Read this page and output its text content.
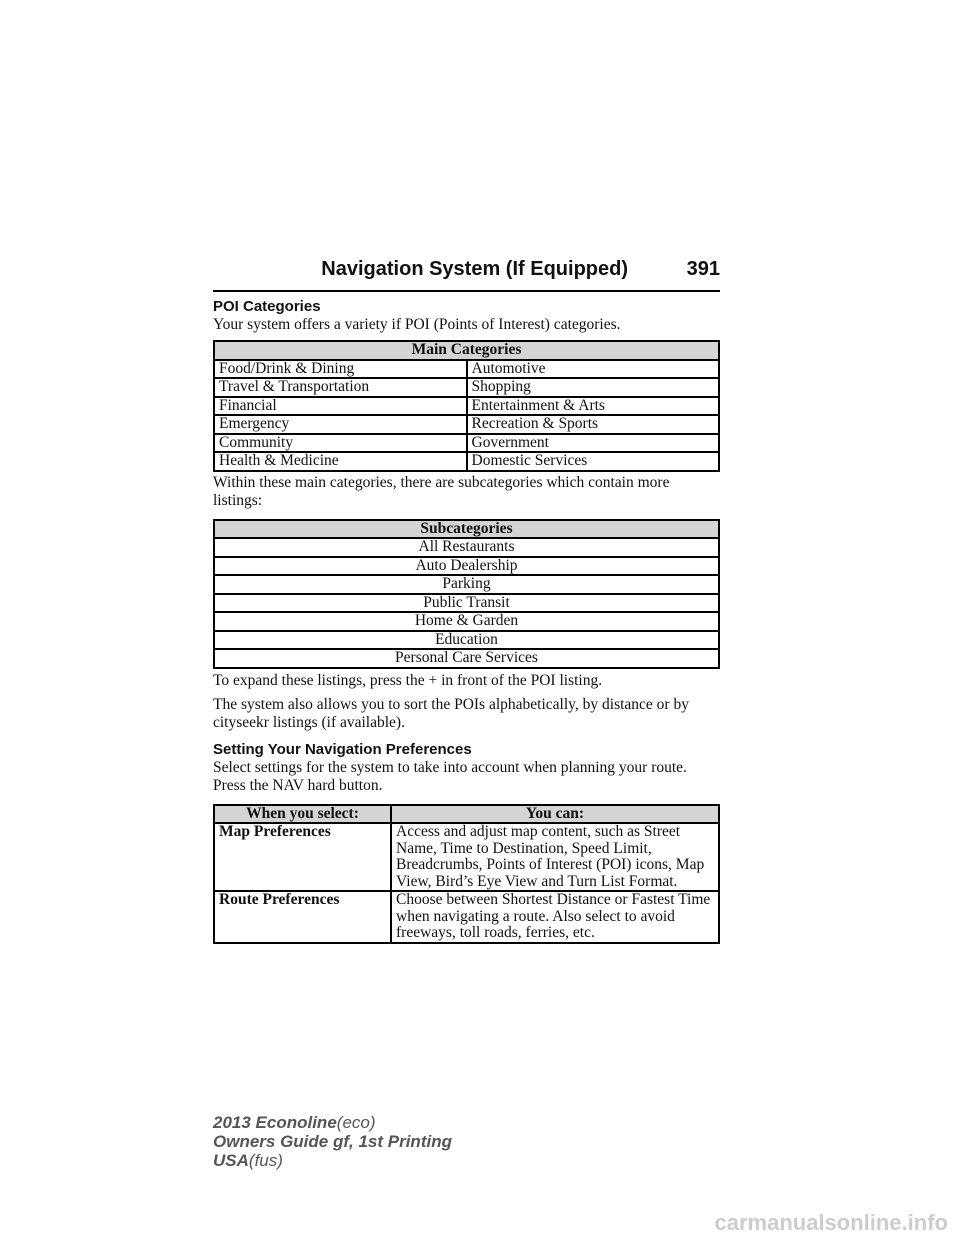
Navigation System (If Equipped)	391
POI Categories

Your system offers a variety if POI (Points of Interest) categories.

Main Categories	
Food/Drink & Dining	Automotive
Travel & Transportation	Shopping
Financial	Entertainment & Arts
Emergency	Recreation & Sports
Community	Government
Health & Medicine	Domestic Services

Within these main categories, there are subcategories which contain more listings:

Subcategories
All Restaurants
Auto Dealership
Parking
Public Transit
Home & Garden
Education
Personal Care Services

To expand these listings, press the + in front of the POI listing.

The system also allows you to sort the POIs alphabetically, by distance or by cityseekr listings (if available).

Setting Your Navigation Preferences

Select settings for the system to take into account when planning your route. Press the NAV hard button.

When you select:	You can:
Map Preferences	Access and adjust map content, such as Street Name, Time to Destination, Speed Limit, Breadcrumbs, Points of Interest (POI) icons, Map View, Bird’s Eye View and Turn List Format.
Route Preferences	Choose between Shortest Distance or Fastest Time when navigating a route. Also select to avoid freeways, toll roads, ferries, etc.
2013 Econoline(eco)
Owners Guide gf, 1st Printing
USA(fus)
carmanualsonline.info
